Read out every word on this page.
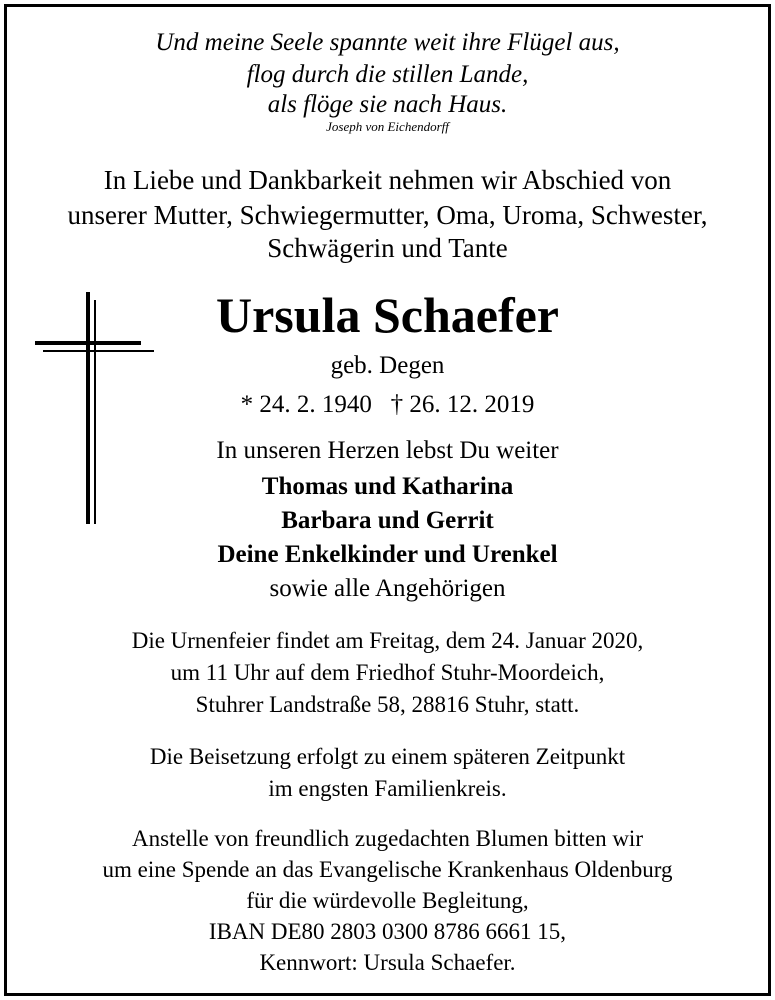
Und meine Seele spannte weit ihre Flügel aus,
flog durch die stillen Lande,
als flöge sie nach Haus.
Joseph von Eichendorff
In Liebe und Dankbarkeit nehmen wir Abschied von
unserer Mutter, Schwiegermutter, Oma, Uroma, Schwester,
Schwägerin und Tante
Ursula Schaefer
geb. Degen
* 24. 2. 1940   † 26. 12. 2019
In unseren Herzen lebst Du weiter
Thomas und Katharina
Barbara und Gerrit
Deine Enkelkinder und Urenkel
sowie alle Angehörigen
Die Urnenfeier findet am Freitag, dem 24. Januar 2020,
um 11 Uhr auf dem Friedhof Stuhr-Moordeich,
Stuhrer Landstraße 58, 28816 Stuhr, statt.
Die Beisetzung erfolgt zu einem späteren Zeitpunkt
im engsten Familienkreis.
Anstelle von freundlich zugedachten Blumen bitten wir
um eine Spende an das Evangelische Krankenhaus Oldenburg
für die würdevolle Begleitung,
IBAN DE80 2803 0300 8786 6661 15,
Kennwort: Ursula Schaefer.
